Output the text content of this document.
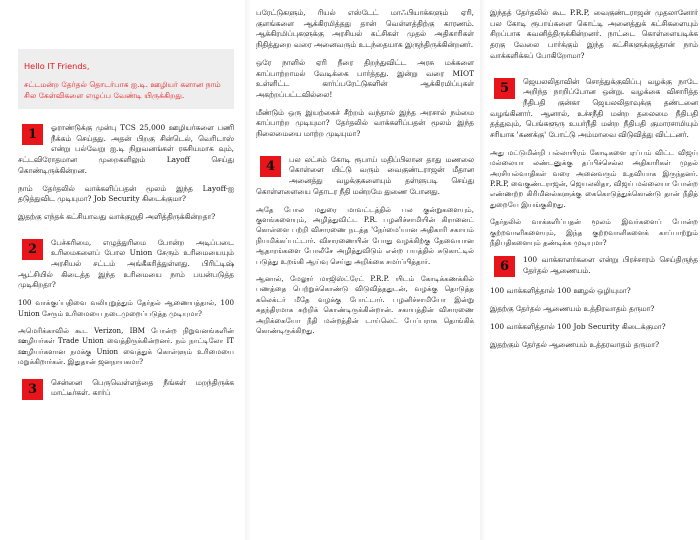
Hello IT Friends,

சட்டமன்ற தேர்தல் தொடர்பாக ஐ.டி. ஊழியர் களான நாம் சில கேள்விகளை எழுப்ப வேண்டி யிருக்கிறது.

1	ஓராண்டுக்கு முன்பு TCS 25,000 ஊழியர்களை பணி நீக்கம் செய்தது. அதன் பிறகு சின்டெல், வெரிடாஸ் என்று பல்வேறு ஐ.டி நிறுவனங்கள் ரகசியமாக வும், சட்டவிரோதமான முறைகளிலும் Layoff செய்து கொண்டிருக்கின்றன.

நாம் தேர்தலில் வாக்களிப்பதன் மூலம் இந்த Layoff-ஐ தடுத்துவிட முடியுமா? Job Security கிடைக்குமா?

இதற்கு எந்தக் கட்சியாவது வாக்குறுதி அளித்திருக்கின்றதா?

2	பேச்சுரிமை, எழுத்துரிமை போன்ற அடிப்படை உரிமைகளைப் போல Union சேரும் உரிமையையும் அரசியல் சட்டம் அங்கீகரித்துள்ளது. பிரிட்டிஷ் ஆட்சியில் கிடைத்த இந்த உரிமையை நாம் பயன்படுத்த முடிகிறதா?

100 வாக்குப்பதிவை வலியுறுத்தும் தேர்தல் ஆணையத்தால், 100 Union சேரும் உரிமையை நடைமுறைப்படுத்த முடியுமா?

அமெரிக்காவில் கூட Verizon, IBM போன்ற நிறுவனங்களின் ஊழியர்கள் Trade Union வைத்திருக்கின்றனர். நம் நாட்டிலோ IT ஊழியர்களான நமக்கு Union வைத்துக் கொள்ளும் உரிமையை மறுக்கிறார்கள். இதுதான் ஜனநாயகமா?

3	சென்னை பெருவெள்ளத்தை நீங்கள் மறந்திருக்க மாட்டீர்கள். கார்ப்

பரேட்டுகளும், ரியல் எஸ்டேட் மாஃபியாக்களும் ஏரி, குளங்களை ஆக்கிரமித்தது தான் வெள்ளத்திற்கு காரணம். ஆக்கிரமிப்புகளுக்கு அரசியல் கட்சிகள் முதல் அதிகாரிகள் நிதித்துறை வரை அனைவரும் உடந்தையாக இருந்திருக்கின்றனர்.

ஒரே நாளில் ஏரி நீரை திறந்துவிட்ட அரசு மக்களை காப்பாற்றாமல் வேடிக்கை பார்த்தது. இன்று வரை MIOT உள்ளிட்ட கார்ப்பரேட்டுகளின் ஆக்கிரமிப்புகள் அகற்றப்பட்டவில்லை!

மீண்டும் ஒரு இயற்கைச் சீற்றம் வந்தால் இந்த அரசால் நம்மை காப்பாற்ற முடியுமா? தேர்தலில் வாக்களிப்பதன் மூலம் இந்த நிலைமையை மாற்ற முடியுமா?

4	பல லட்சம் கோடி ரூபாய் மதிப்பிலான தாது மணலை கொள்ளை யிட்டு வரும் வைகுண்டராஜன் மீதான அனைத்து வழக்குகளையும் தள்ளுபடி செய்து கொள்ளளையை தொடர நீதி மன்றமே துணை போனது.

அதே போல மதுரை மாவட்டத்தில் பல குன்றுகளையும், குளங்களையும், அழித்துவிட்ட P.R. பழனிச்சாமியின் கிரானைட் கொள்ளை பற்றி விசாரணை நடத்த 'நேர்மை'யான அதிகாரி சகாயம் நியமிக்கப்பட்டார். விசாரணையின் போது வழக்கிற்கு தேவையான ஆதாரங்களை போலீசே அழித்துவிடும் என்ற பயத்தில் சுடுகாட்டில் படுத்து உறங்கி ஆய்வு செய்து அறிக்கை சமர்ப்பித்தார்.

ஆனால், மேலூர் மாஜிஸ்ட்ரேட் P.R.P. யிடம் கோடிக்கணக்கில் பணத்தை பெற்றுக்கொண்டு விடுவித்ததுடன், வழக்கு தொடுத்த கலெக்டர் மீதே வழக்கு போட்டார். பழனிச்சாமியோ இன்று சுதந்திரமாக சுற்றிக் கொண்டிருக்கின்றான். சகாயத்தின் விசாரணை அறிக்கையோ நீதி மன்றத்தின் டாய்லெட் பேப்பராக தொங்கிக் கொண்டிருக்கிறது.

இந்தத் தேர்தலில் கூட P.R.P, வைகுண்டராஜன் முதலானோர் பல கோடி ரூபாய்களை கொட்டி அனைத்துக் கட்சிகளையும் சிறப்பாக கவனித்திருக்கின்றனர். நாட்டை கொள்ளையடிக்க தரகு வேலை பார்க்கும் இந்த கட்சிகளுக்குத்தான் நாம் வாக்களிக்கப் போகிறோமா?

5	ஜெயலலிதாவின் சொத்துக்குவிப்பு வழக்கு நாடே அறிந்த நாறிப்போன ஒன்று. வழக்கை விசாரித்த நீதிபதி குன்கா ஜெயலலிதாவுக்கு தண்டனை வழங்கினார். ஆனால், உச்சநீதி மன்ற தலைமை நீதிபதி தத்துவும், பெங்களூரு உயர்நீதி மன்ற நீதிபதி குமாரசாமியும் சரியாக 'கணக்கு' போட்டு அம்மாவை விடுவித்து விட்டனர்.

அது மட்டுமின்றி பல்லாயிரம் கோடிகளை ஏப்பம் விட்ட விஜய் மல்லையா லண்டனுக்கு தப்பிச்செல்ல அதிகாரிகள் முதல் அரசியல்வாதிகள் வரை அனைவரும் உதவியாக இருந்தனர். P.R.P, வைகுண்டராஜன், ஜெயலலிதா, விஜய் மல்லையா போன்ற எண்ணற்ற கிரிமினல்களுக்கு கைகொடுத்துக்கொண்டு தான் நீதித் துறையே இயங்குகிறது.

தேர்தலில் வாக்களிப்பதன் மூலம் இவர்களைப் போன்ற குற்றவாளிகளையும், இந்த குற்றவாளிகளைக் காப்பாற்றும் நீதிபதிகளையும் தண்டிக்க முடியுமா?

6	100 வாக்காளர்களை என்று பிரச்சாரம் செய்திருந்த தேர்தல் ஆணையம்.

100 வாக்களித்தால் 100 ஊழல் ஒழியுமா?

இதற்கு தேர்தல் ஆணையம் உத்திரவாதம் தருமா?

100 வாக்களித்தால் 100 Job Security கிடைக்குமா?

இதற்கும் தேர்தல் ஆணையம் உத்தரவாதம் தருமா?
